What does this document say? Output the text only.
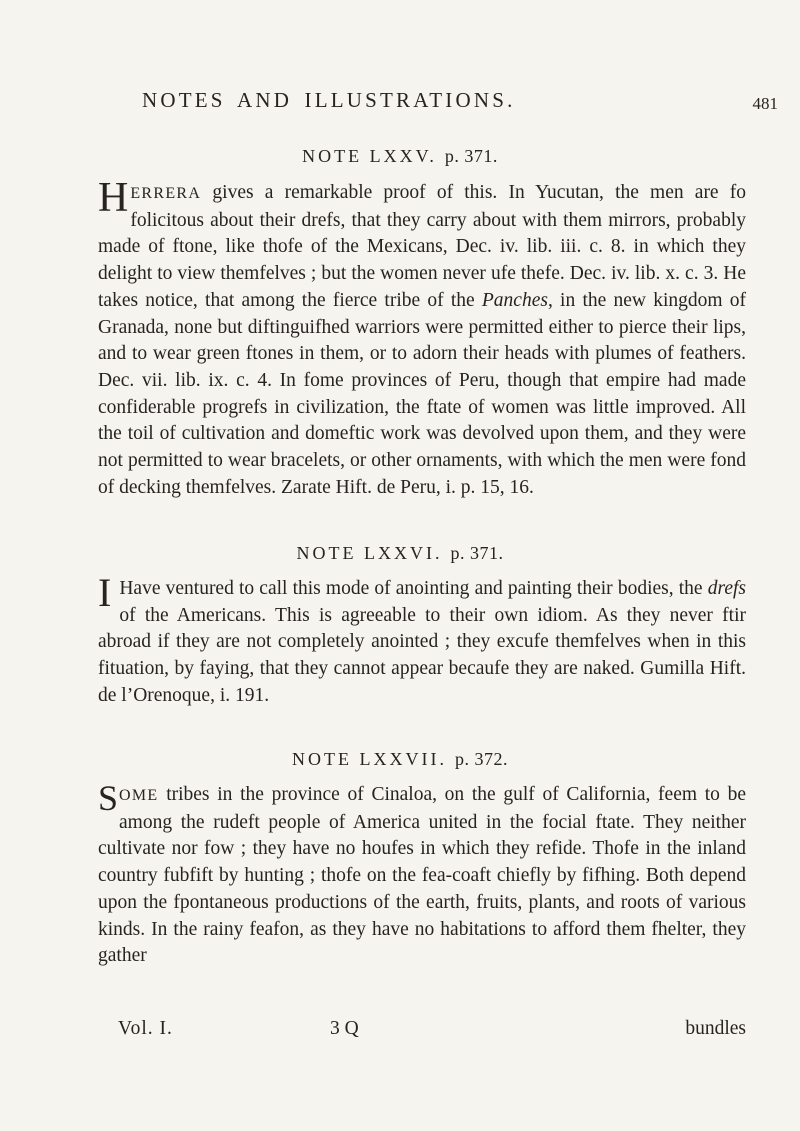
NOTES AND ILLUSTRATIONS.	481
NOTE LXXV. p. 371.
HERRERA gives a remarkable proof of this. In Yucutan, the men are fo folicitous about their drefs, that they carry about with them mirrors, probably made of ftone, like thofe of the Mexicans, Dec. iv. lib. iii. c. 8. in which they delight to view themfelves ; but the women never ufe thefe. Dec. iv. lib. x. c. 3. He takes notice, that among the fierce tribe of the Panches, in the new kingdom of Granada, none but diftinguifhed warriors were permitted either to pierce their lips, and to wear green ftones in them, or to adorn their heads with plumes of feathers. Dec. vii. lib. ix. c. 4. In fome provinces of Peru, though that empire had made confiderable progrefs in civilization, the ftate of women was little improved. All the toil of cultivation and domeftic work was devolved upon them, and they were not permitted to wear bracelets, or other ornaments, with which the men were fond of decking themfelves. Zarate Hift. de Peru, i. p. 15, 16.
NOTE LXXVI. p. 371.
I Have ventured to call this mode of anointing and painting their bodies, the drefs of the Americans. This is agreeable to their own idiom. As they never ftir abroad if they are not completely anointed ; they excufe themfelves when in this fituation, by faying, that they cannot appear becaufe they are naked. Gumilla Hift. de l’Orenoque, i. 191.
NOTE LXXVII. p. 372.
SOME tribes in the province of Cinaloa, on the gulf of California, feem to be among the rudeft people of America united in the focial ftate. They neither cultivate nor fow ; they have no houfes in which they refide. Thofe in the inland country fubfift by hunting ; thofe on the fea-coaft chiefly by fifhing. Both depend upon the fpontaneous productions of the earth, fruits, plants, and roots of various kinds. In the rainy feafon, as they have no habitations to afford them fhelter, they gather
Vol. I.	3 Q	bundles
